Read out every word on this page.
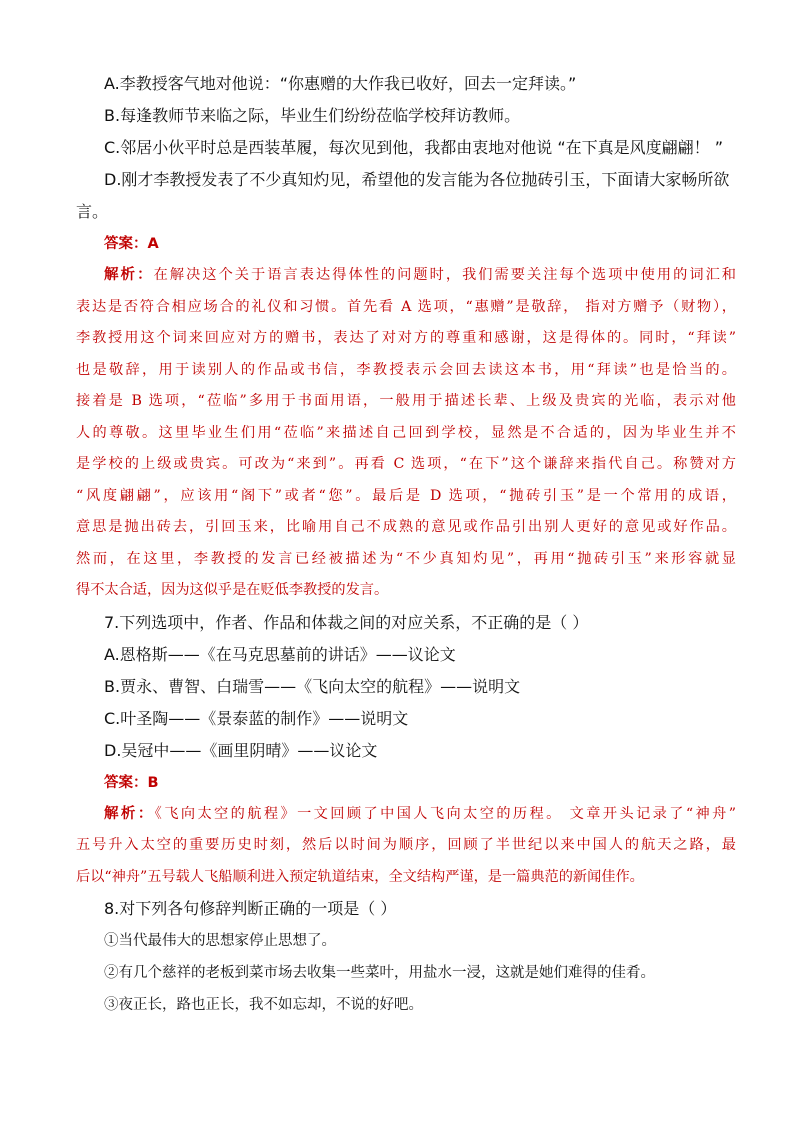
A.李教授客气地对他说：“你惠赠的大作我已收好，回去一定拜读。”
B.每逢教师节来临之际，毕业生们纷纷莅临学校拜访教师。
C.邻居小伙平时总是西装革履，每次见到他，我都由衷地对他说 “在下真是风度翩翩！ ”
D.刚才李教授发表了不少真知灼见，希望他的发言能为各位抛砖引玉，下面请大家畅所欲
言。
答案：A
解析：在解决这个关于语言表达得体性的问题时，我们需要关注每个选项中使用的词汇和
表达是否符合相应场合的礼仪和习惯。首先看 A 选项，“惠赠”是敬辞， 指对方赠予（财物），
李教授用这个词来回应对方的赠书，表达了对对方的尊重和感谢，这是得体的。同时，“拜读”
也是敬辞，用于读别人的作品或书信，李教授表示会回去读这本书，用“拜读”也是恰当的。
接着是 B 选项，“莅临”多用于书面用语，一般用于描述长辈、上级及贵宾的光临，表示对他
人的尊敬。这里毕业生们用“莅临”来描述自己回到学校，显然是不合适的，因为毕业生并不
是学校的上级或贵宾。可改为“来到”。再看 C 选项，“在下”这个谦辞来指代自己。称赞对方
“风度翩翩”，应该用“阁下”或者“您”。最后是 D 选项，“抛砖引玉”是一个常用的成语，
意思是抛出砖去，引回玉来，比喻用自己不成熟的意见或作品引出别人更好的意见或好作品。
然而，在这里，李教授的发言已经被描述为“不少真知灼见”，再用“抛砖引玉”来形容就显
得不太合适，因为这似乎是在贬低李教授的发言。
7.下列选项中，作者、作品和体裁之间的对应关系，不正确的是（ ）
A.恩格斯——《在马克思墓前的讲话》——议论文
B.贾永、曹智、白瑞雪——《飞向太空的航程》——说明文
C.叶圣陶——《景泰蓝的制作》——说明文
D.吴冠中——《画里阴晴》——议论文
答案：B
解析：《飞向太空的航程》一文回顾了中国人飞向太空的历程。 文章开头记录了“神舟”
五号升入太空的重要历史时刻，然后以时间为顺序，回顾了半世纪以来中国人的航天之路，最
后以“神舟”五号载人飞船顺利进入预定轨道结束，全文结构严谨，是一篇典范的新闻佳作。
8.对下列各句修辞判断正确的一项是（ ）
①当代最伟大的思想家停止思想了。
②有几个慈祥的老板到菜市场去收集一些菜叶，用盐水一浸，这就是她们难得的佳肴。
③夜正长，路也正长，我不如忘却，不说的好吧。
